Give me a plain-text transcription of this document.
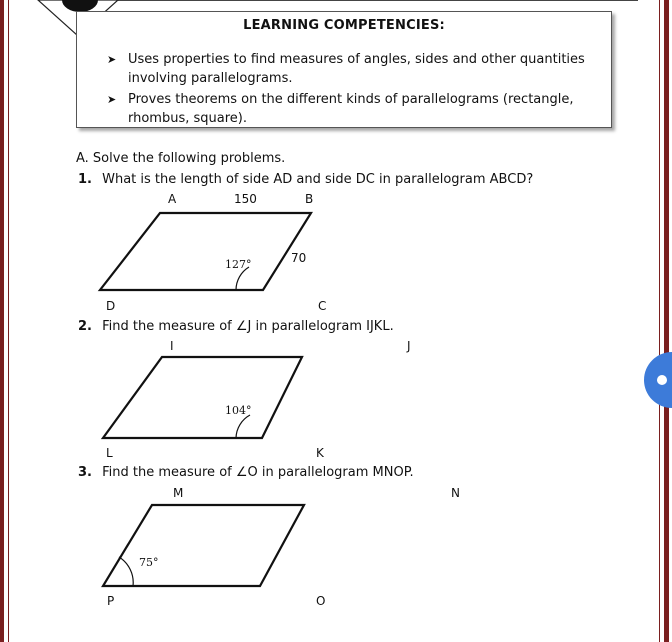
LEARNING COMPETENCIES:
➤ Uses properties to find measures of angles, sides and other quantities involving parallelograms.
➤ Proves theorems on the different kinds of parallelograms (rectangle, rhombus, square).
A. Solve the following problems.
1. What is the length of side AD and side DC in parallelogram ABCD?
A	150	B
70
127°
D	C
2. Find the measure of ∠J in parallelogram IJKL.
I	J
104°
L	K
3. Find the measure of ∠O in parallelogram MNOP.
M	N
75°
P	O
